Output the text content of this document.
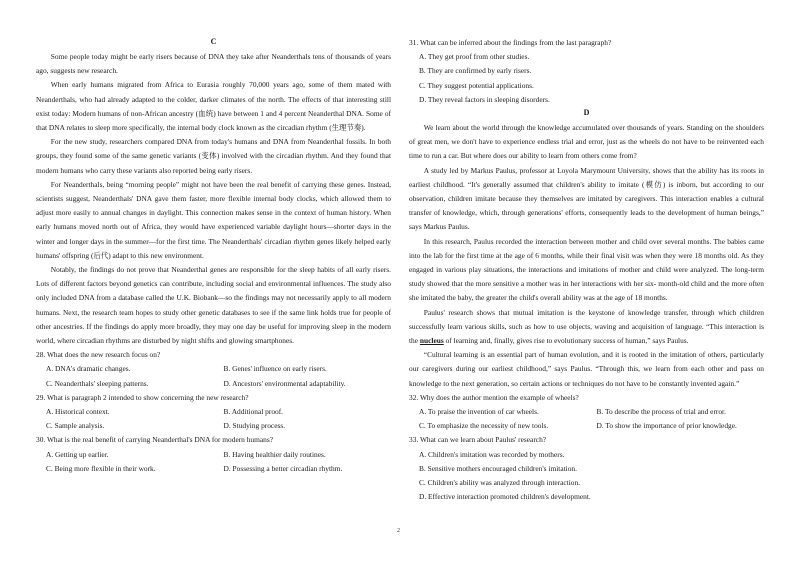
C

Some people today might be early risers because of DNA they take after Neanderthals tens of thousands of years ago, suggests new research.

When early humans migrated from Africa to Eurasia roughly 70,000 years ago, some of them mated with Neanderthals, who had already adapted to the colder, darker climates of the north. The effects of that interesting still exist today: Modern humans of non-African ancestry (血统) have between 1 and 4 percent Neanderthal DNA. Some of that DNA relates to sleep more specifically, the internal body clock known as the circadian rhythm (生理节奏).

For the new study, researchers compared DNA from today's humans and DNA from Neanderthal fossils. In both groups, they found some of the same genetic variants (变体) involved with the circadian rhythm. And they found that modern humans who carry these variants also reported being early risers.

For Neanderthals, being “morning people” might not have been the real benefit of carrying these genes. Instead, scientists suggest, Neanderthals' DNA gave them faster, more flexible internal body clocks, which allowed them to adjust more easily to annual changes in daylight. This connection makes sense in the context of human history. When early humans moved north out of Africa, they would have experienced variable daylight hours—shorter days in the winter and longer days in the summer—for the first time. The Neanderthals' circadian rhythm genes likely helped early humans' offspring (后代) adapt to this new environment.

Notably, the findings do not prove that Neanderthal genes are responsible for the sleep habits of all early risers. Lots of different factors beyond genetics can contribute, including social and environmental influences. The study also only included DNA from a database called the U.K. Biobank—so the findings may not necessarily apply to all modern humans. Next, the research team hopes to study other genetic databases to see if the same link holds true for people of other ancestries. If the findings do apply more broadly, they may one day be useful for improving sleep in the modern world, where circadian rhythms are disturbed by night shifts and glowing smartphones.

28. What does the new research focus on?
A. DNA's dramatic changes.	B. Genes' influence on early risers.
C. Neanderthals' sleeping patterns.	D. Ancestors' environmental adaptability.
29. What is paragraph 2 intended to show concerning the new research?
A. Historical context.	B. Additional proof.
C. Sample analysis.	D. Studying process.
30. What is the real benefit of carrying Neanderthal's DNA for modern humans?
A. Getting up earlier.	B. Having healthier daily routines.
C. Being more flexible in their work.	D. Possessing a better circadian rhythm.
31. What can be inferred about the findings from the last paragraph?
A. They get proof from other studies.
B. They are confirmed by early risers.
C. They suggest potential applications.
D. They reveal factors in sleeping disorders.
D

We learn about the world through the knowledge accumulated over thousands of years. Standing on the shoulders of great men, we don't have to experience endless trial and error, just as the wheels do not have to be reinvented each time to run a car. But where does our ability to learn from others come from?

A study led by Markus Paulus, professor at Loyola Marymount University, shows that the ability has its roots in earliest childhood. “It's generally assumed that children's ability to imitate (模仿) is inborn, but according to our observation, children imitate because they themselves are imitated by caregivers. This interaction enables a cultural transfer of knowledge, which, through generations' efforts, consequently leads to the development of human beings,” says Markus Paulus.

In this research, Paulus recorded the interaction between mother and child over several months. The babies came into the lab for the first time at the age of 6 months, while their final visit was when they were 18 months old. As they engaged in various play situations, the interactions and imitations of mother and child were analyzed. The long-term study showed that the more sensitive a mother was in her interactions with her six- month-old child and the more often she imitated the baby, the greater the child's overall ability was at the age of 18 months.

Paulus' research shows that mutual imitation is the keystone of knowledge transfer, through which children successfully learn various skills, such as how to use objects, waving and acquisition of language. “This interaction is the nucleus of learning and, finally, gives rise to evolutionary success of human,” says Paulus.

“Cultural learning is an essential part of human evolution, and it is rooted in the imitation of others, particularly our caregivers during our earliest childhood,” says Paulus. “Through this, we learn from each other and pass on knowledge to the next generation, so certain actions or techniques do not have to be constantly invented again.”

32. Why does the author mention the example of wheels?
A. To praise the invention of car wheels.	B. To describe the process of trial and error.
C. To emphasize the necessity of new tools.	D. To show the importance of prior knowledge.
33. What can we learn about Paulus' research?
A. Children's imitation was recorded by mothers.
B. Sensitive mothers encouraged children's imitation.
C. Children's ability was analyzed through interaction.
D. Effective interaction promoted children's development.
2
